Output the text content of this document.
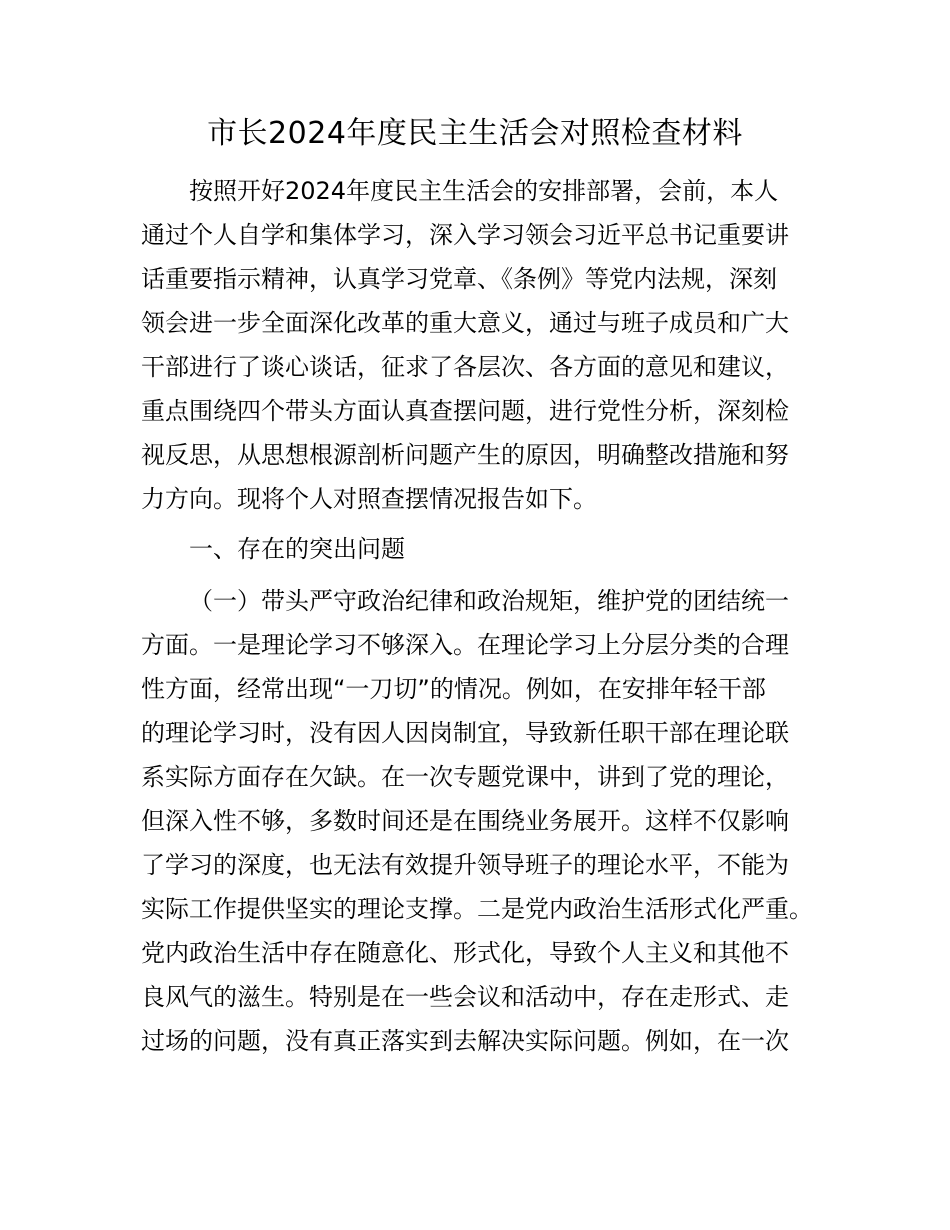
市长2024年度民主生活会对照检查材料
按照开好2024年度民主生活会的安排部署，会前，本人
通过个人自学和集体学习，深入学习领会习近平总书记重要讲
话重要指示精神，认真学习党章、《条例》等党内法规，深刻
领会进一步全面深化改革的重大意义，通过与班子成员和广大
干部进行了谈心谈话，征求了各层次、各方面的意见和建议，
重点围绕四个带头方面认真查摆问题，进行党性分析，深刻检
视反思，从思想根源剖析问题产生的原因，明确整改措施和努
力方向。现将个人对照查摆情况报告如下。
一、存在的突出问题
（一）带头严守政治纪律和政治规矩，维护党的团结统一
方面。一是理论学习不够深入。在理论学习上分层分类的合理
性方面，经常出现“一刀切”的情况。例如，在安排年轻干部
的理论学习时，没有因人因岗制宜，导致新任职干部在理论联
系实际方面存在欠缺。在一次专题党课中，讲到了党的理论，
但深入性不够，多数时间还是在围绕业务展开。这样不仅影响
了学习的深度，也无法有效提升领导班子的理论水平，不能为
实际工作提供坚实的理论支撑。二是党内政治生活形式化严重。
党内政治生活中存在随意化、形式化，导致个人主义和其他不
良风气的滋生。特别是在一些会议和活动中，存在走形式、走
过场的问题，没有真正落实到去解决实际问题。例如，在一次
